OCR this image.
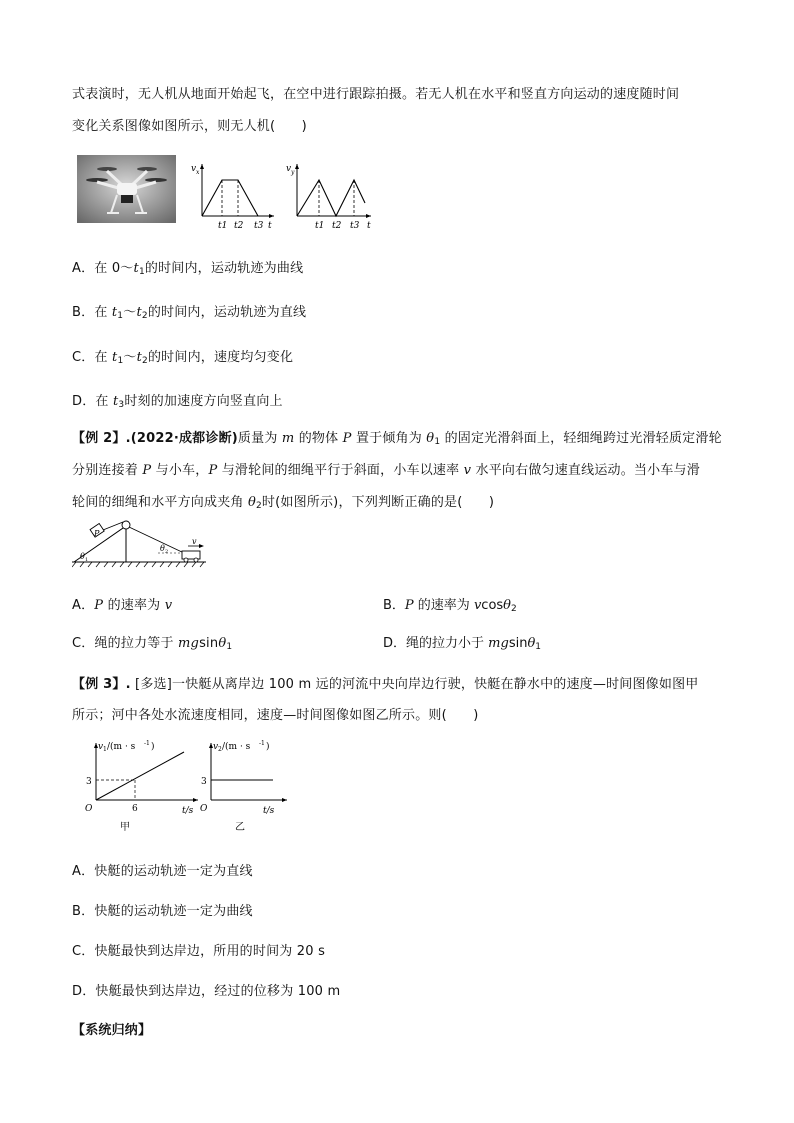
式表演时，无人机从地面开始起飞，在空中进行跟踪拍摄。若无人机在水平和竖直方向运动的速度随时间
变化关系图像如图所示，则无人机(　　)
v x
t
t1 t2 t3
v y
t
t1 t2 t3
A．在 $0\sim t_1$的时间内，运动轨迹为曲线
B．在 $t_1\sim t_2$的时间内，运动轨迹为直线
C．在 $t_1\sim t_2$的时间内，速度均匀变化
D．在 $t_3$时刻的加速度方向竖直向上
【例 2】.(2022·成都诊断)质量为 m 的物体 P 置于倾角为 $\theta_1$ 的固定光滑斜面上，轻细绳跨过光滑轻质定滑轮
分别连接着 P 与小车，P 与滑轮间的细绳平行于斜面，小车以速率 v 水平向右做匀速直线运动。当小车与滑
轮间的细绳和水平方向成夹角 $\theta_2$时(如图所示)，下列判断正确的是(　　)
P
v
θ 1
θ 2
A．P 的速率为 v	B．P 的速率为 vcosθ$_2$
C．绳的拉力等于 mgsinθ$_1$	D．绳的拉力小于 mgsinθ$_1$
【例 3】. [多选]一快艇从离岸边 100 m 远的河流中央向岸边行驶，快艇在静水中的速度—时间图像如图甲
所示；河中各处水流速度相同，速度—时间图像如图乙所示。则(　　)
v 1 /(m · s -1 )
3
6
O	t/s
甲
v 2 /(m · s -1 )
3
O	t/s
乙
A．快艇的运动轨迹一定为直线
B．快艇的运动轨迹一定为曲线
C．快艇最快到达岸边，所用的时间为 20 s
D．快艇最快到达岸边，经过的位移为 100 m
【系统归纳】
